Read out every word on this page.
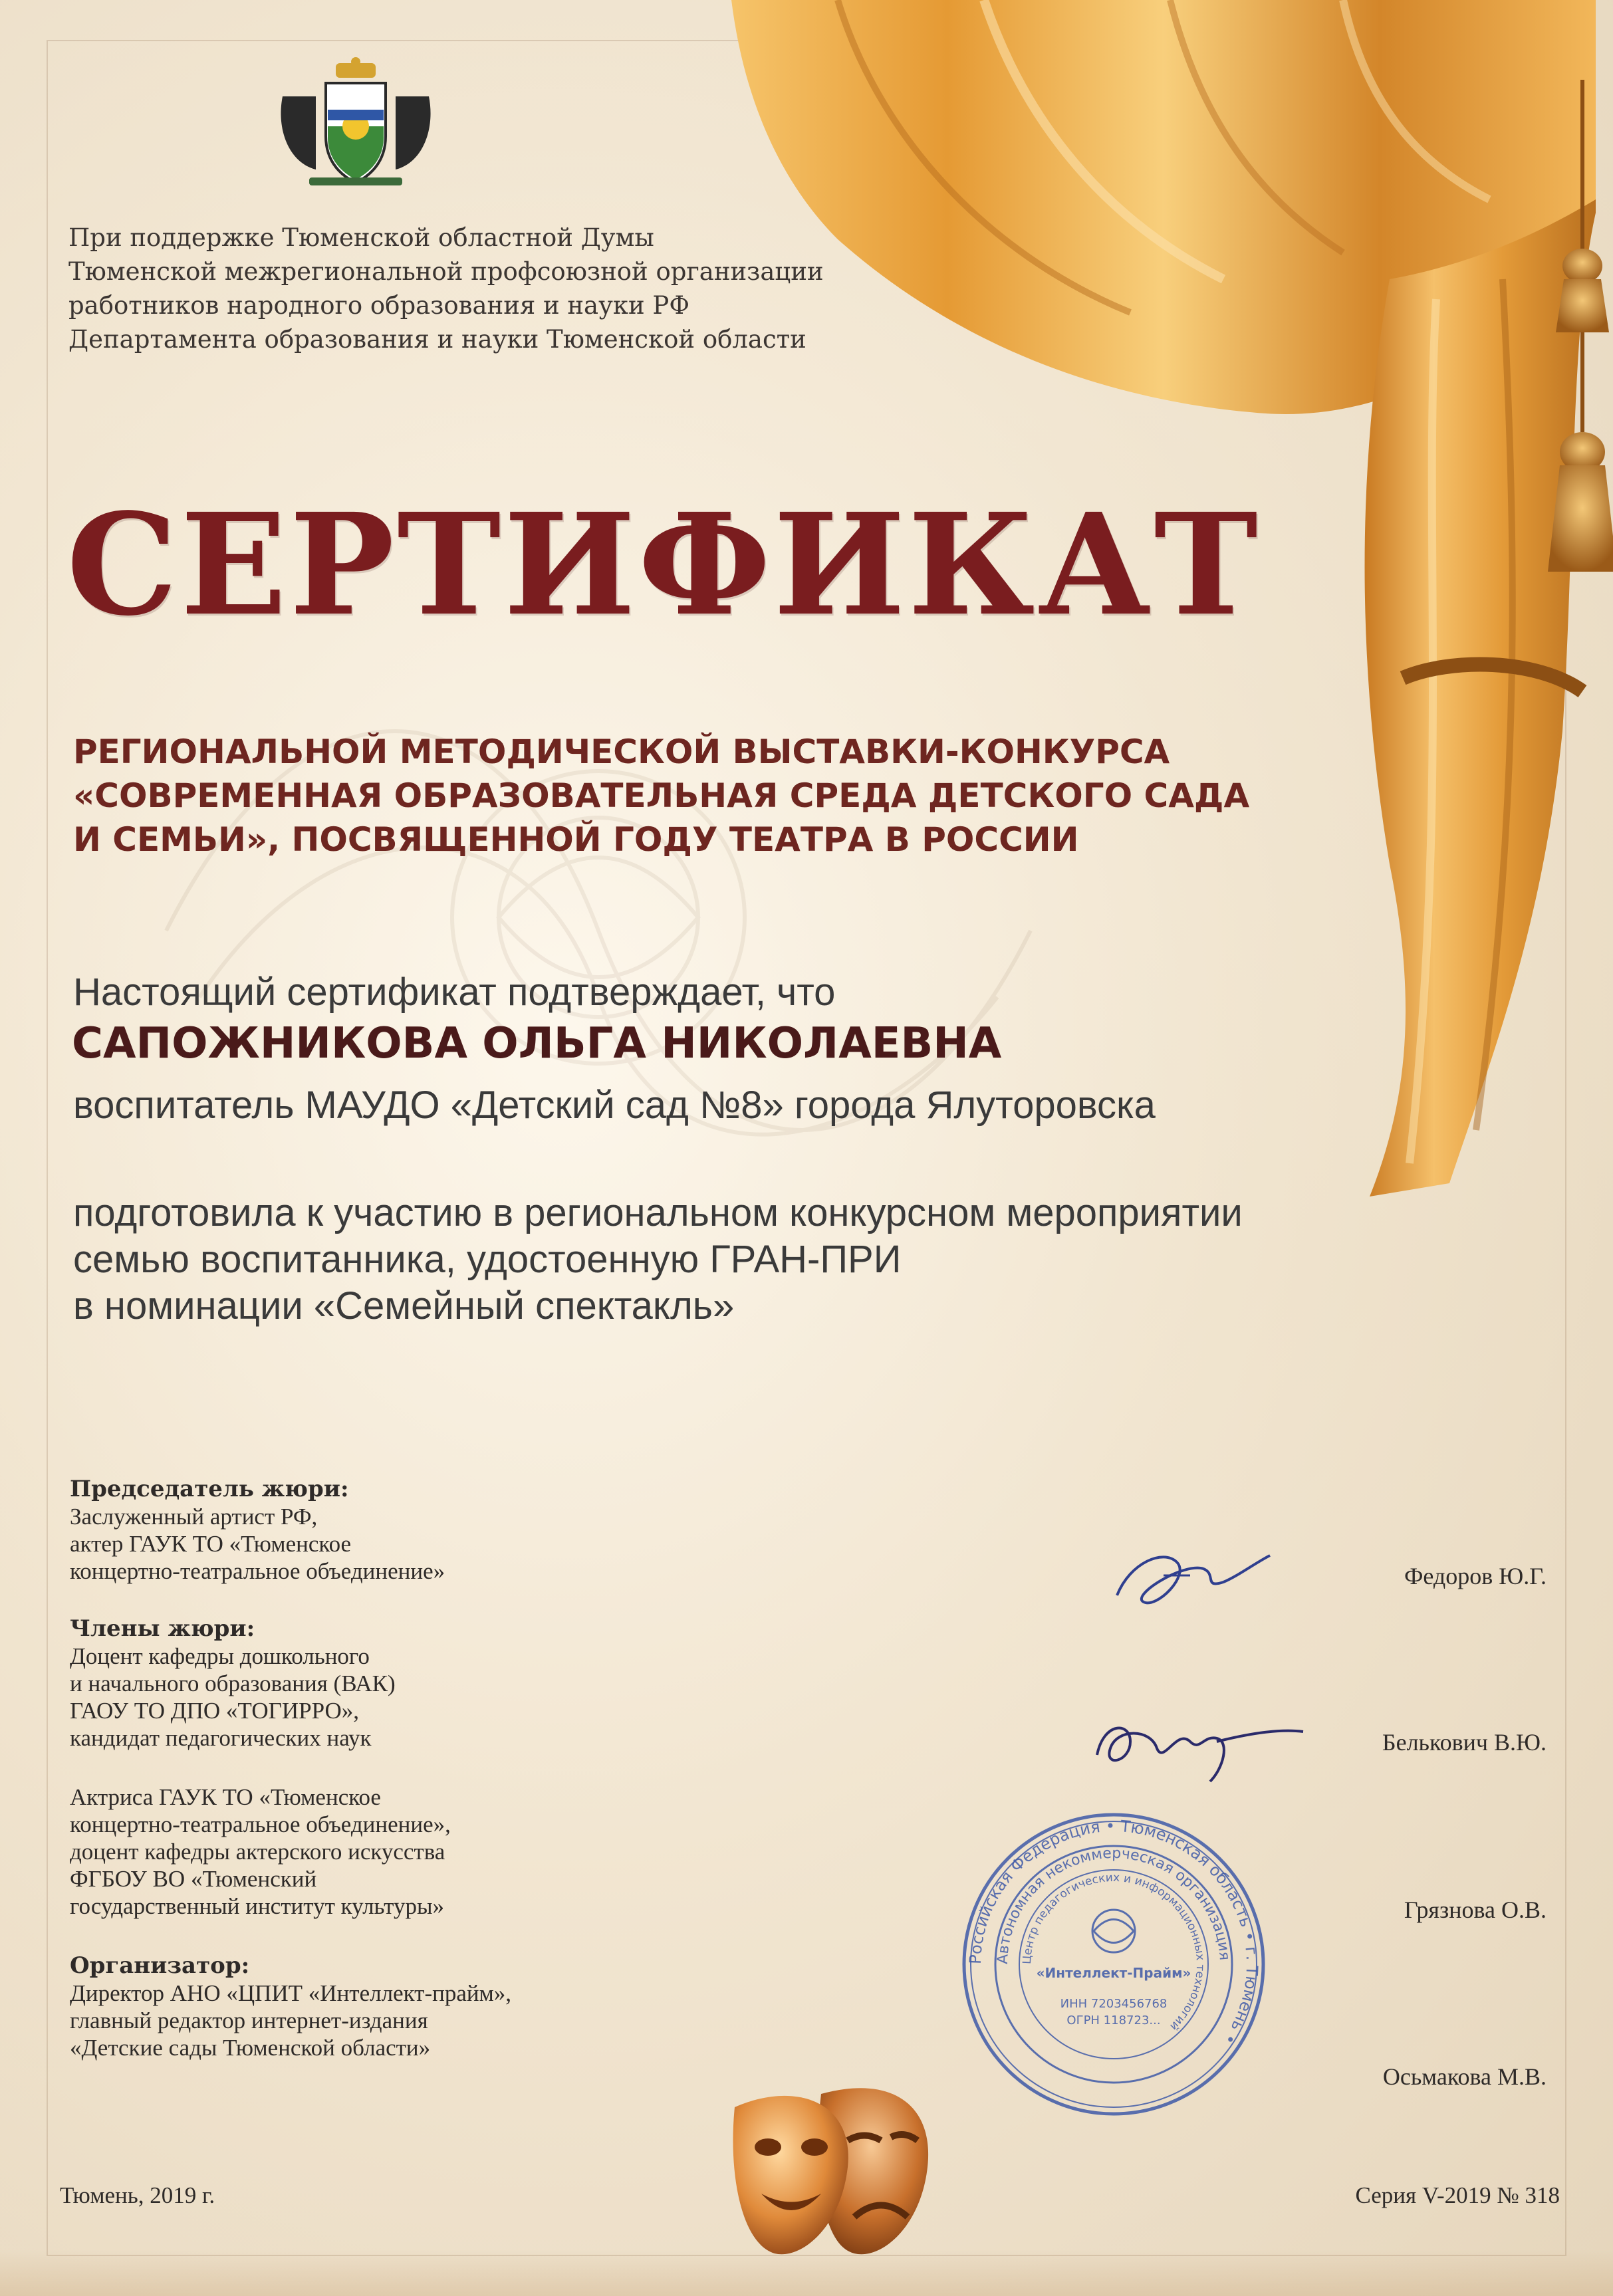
При поддержке Тюменской областной Думы
Тюменской межрегиональной профсоюзной организации
работников народного образования и науки РФ
Департамента образования и науки Тюменской области
СЕРТИФИКАТ
РЕГИОНАЛЬНОЙ МЕТОДИЧЕСКОЙ ВЫСТАВКИ-КОНКУРСА
«СОВРЕМЕННАЯ ОБРАЗОВАТЕЛЬНАЯ СРЕДА ДЕТСКОГО САДА
И СЕМЬИ», ПОСВЯЩЕННОЙ ГОДУ ТЕАТРА В РОССИИ
Настоящий сертификат подтверждает, что
САПОЖНИКОВА ОЛЬГА НИКОЛАЕВНА
воспитатель МАУДО «Детский сад №8» города Ялуторовска
подготовила к участию в региональном конкурсном мероприятии
семью воспитанника, удостоенную ГРАН-ПРИ
в номинации «Семейный спектакль»
Председатель жюри:
Заслуженный артист РФ,
актер ГАУК ТО «Тюменское
концертно-театральное объединение»
Члены жюри:
Доцент кафедры дошкольного
и начального образования (ВАК)
ГАОУ ТО ДПО «ТОГИРРО»,
кандидат педагогических наук
Актриса ГАУК ТО «Тюменское
концертно-театральное объединение»,
доцент кафедры актерского искусства
ФГБОУ ВО «Тюменский
государственный институт культуры»
Организатор:
Директор АНО «ЦПИТ «Интеллект-прайм»,
главный редактор интернет-издания
«Детские сады Тюменской области»
Федоров Ю.Г.
Белькович В.Ю.
Грязнова О.В.
Осьмакова М.В.
Российская Федерация • Тюменская область • г. Тюмень •
Автономная некоммерческая организация
Центр педагогических и информационных технологий
«Интеллект-Прайм»
ИНН 7203456768
ОГРН 118723...
Тюмень, 2019 г.	Серия V-2019 № 318
